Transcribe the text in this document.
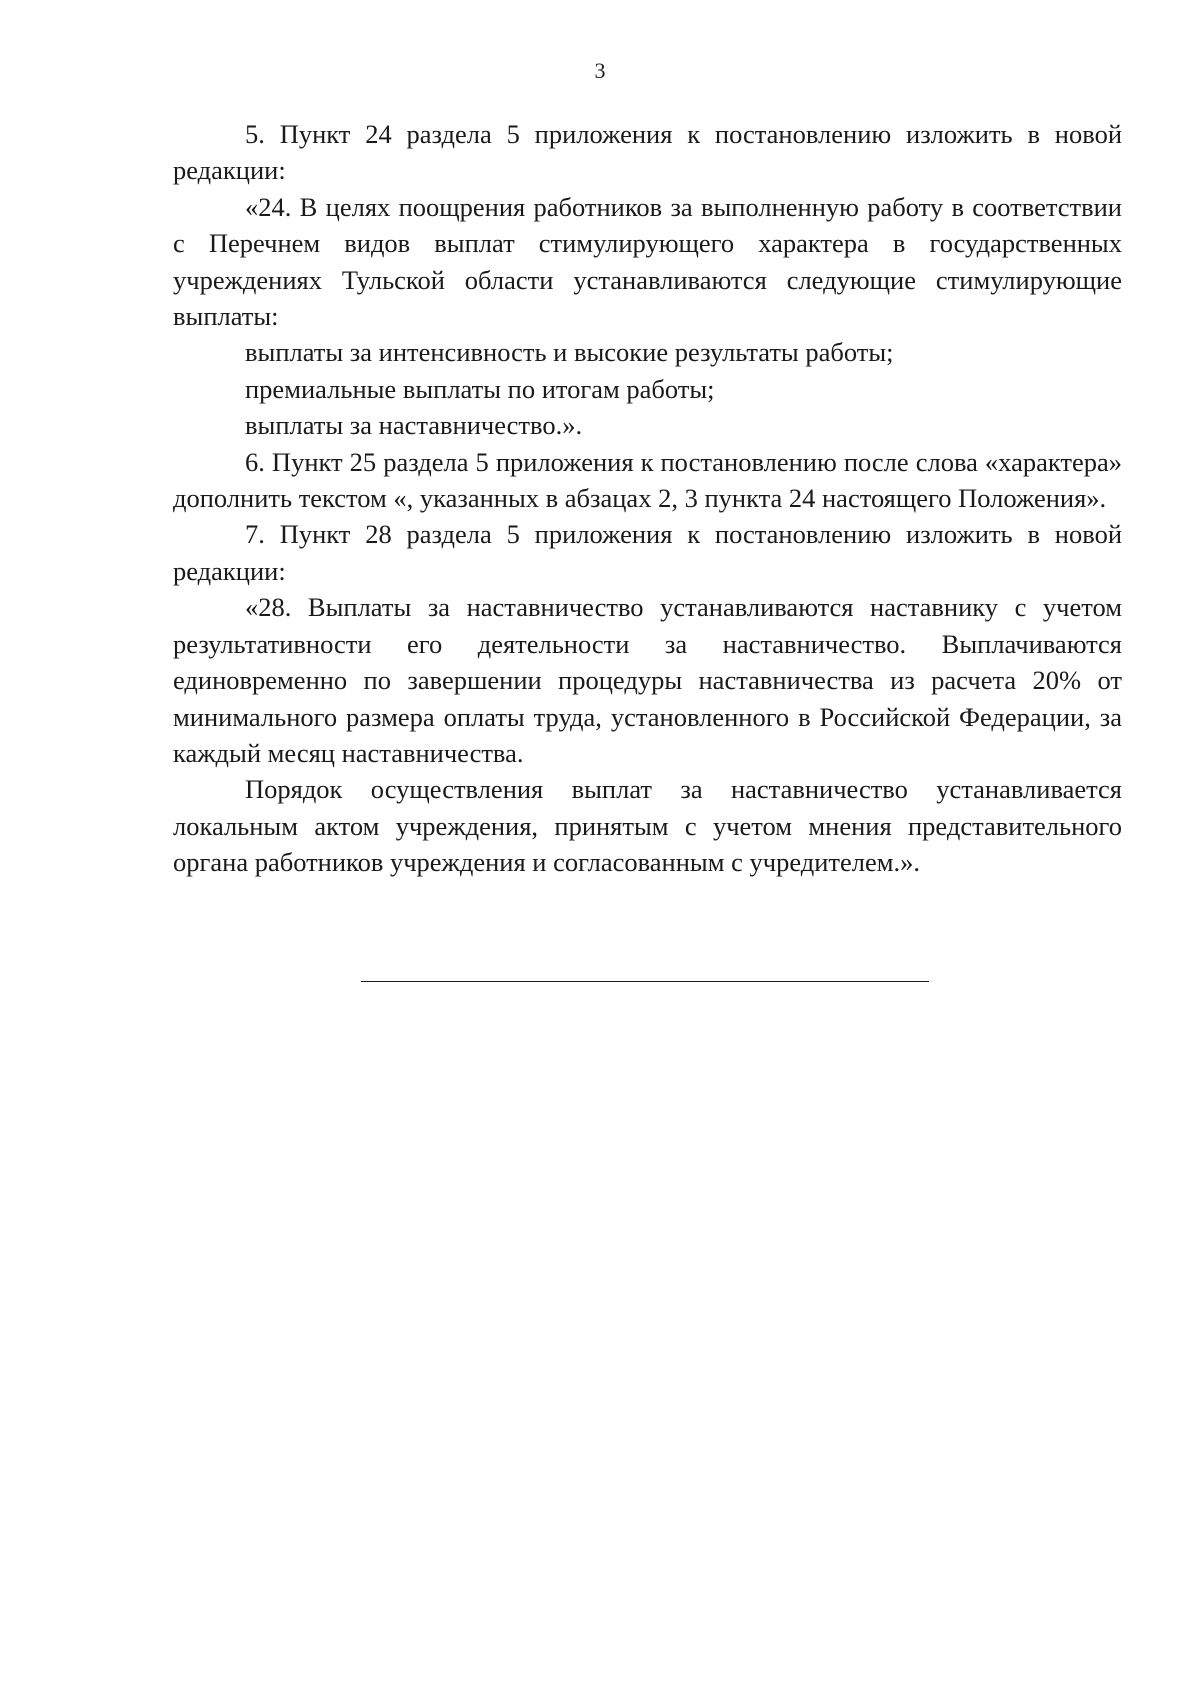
3

5. Пункт 24 раздела 5 приложения к постановлению изложить в новой редакции:

«24. В целях поощрения работников за выполненную работу в соответствии с Перечнем видов выплат стимулирующего характера в государственных учреждениях Тульской области устанавливаются следующие стимулирующие выплаты:

выплаты за интенсивность и высокие результаты работы;

премиальные выплаты по итогам работы;

выплаты за наставничество.».

6. Пункт 25 раздела 5 приложения к постановлению после слова «характера» дополнить текстом «, указанных в абзацах 2, 3 пункта 24 настоящего Положения».

7. Пункт 28 раздела 5 приложения к постановлению изложить в новой редакции:

«28. Выплаты за наставничество устанавливаются наставнику с учетом результативности его деятельности за наставничество. Выплачиваются единовременно по завершении процедуры наставничества из расчета 20% от минимального размера оплаты труда, установленного в Российской Федерации, за каждый месяц наставничества.

Порядок осуществления выплат за наставничество устанавливается локальным актом учреждения, принятым с учетом мнения представительного органа работников учреждения и согласованным с учредителем.».
